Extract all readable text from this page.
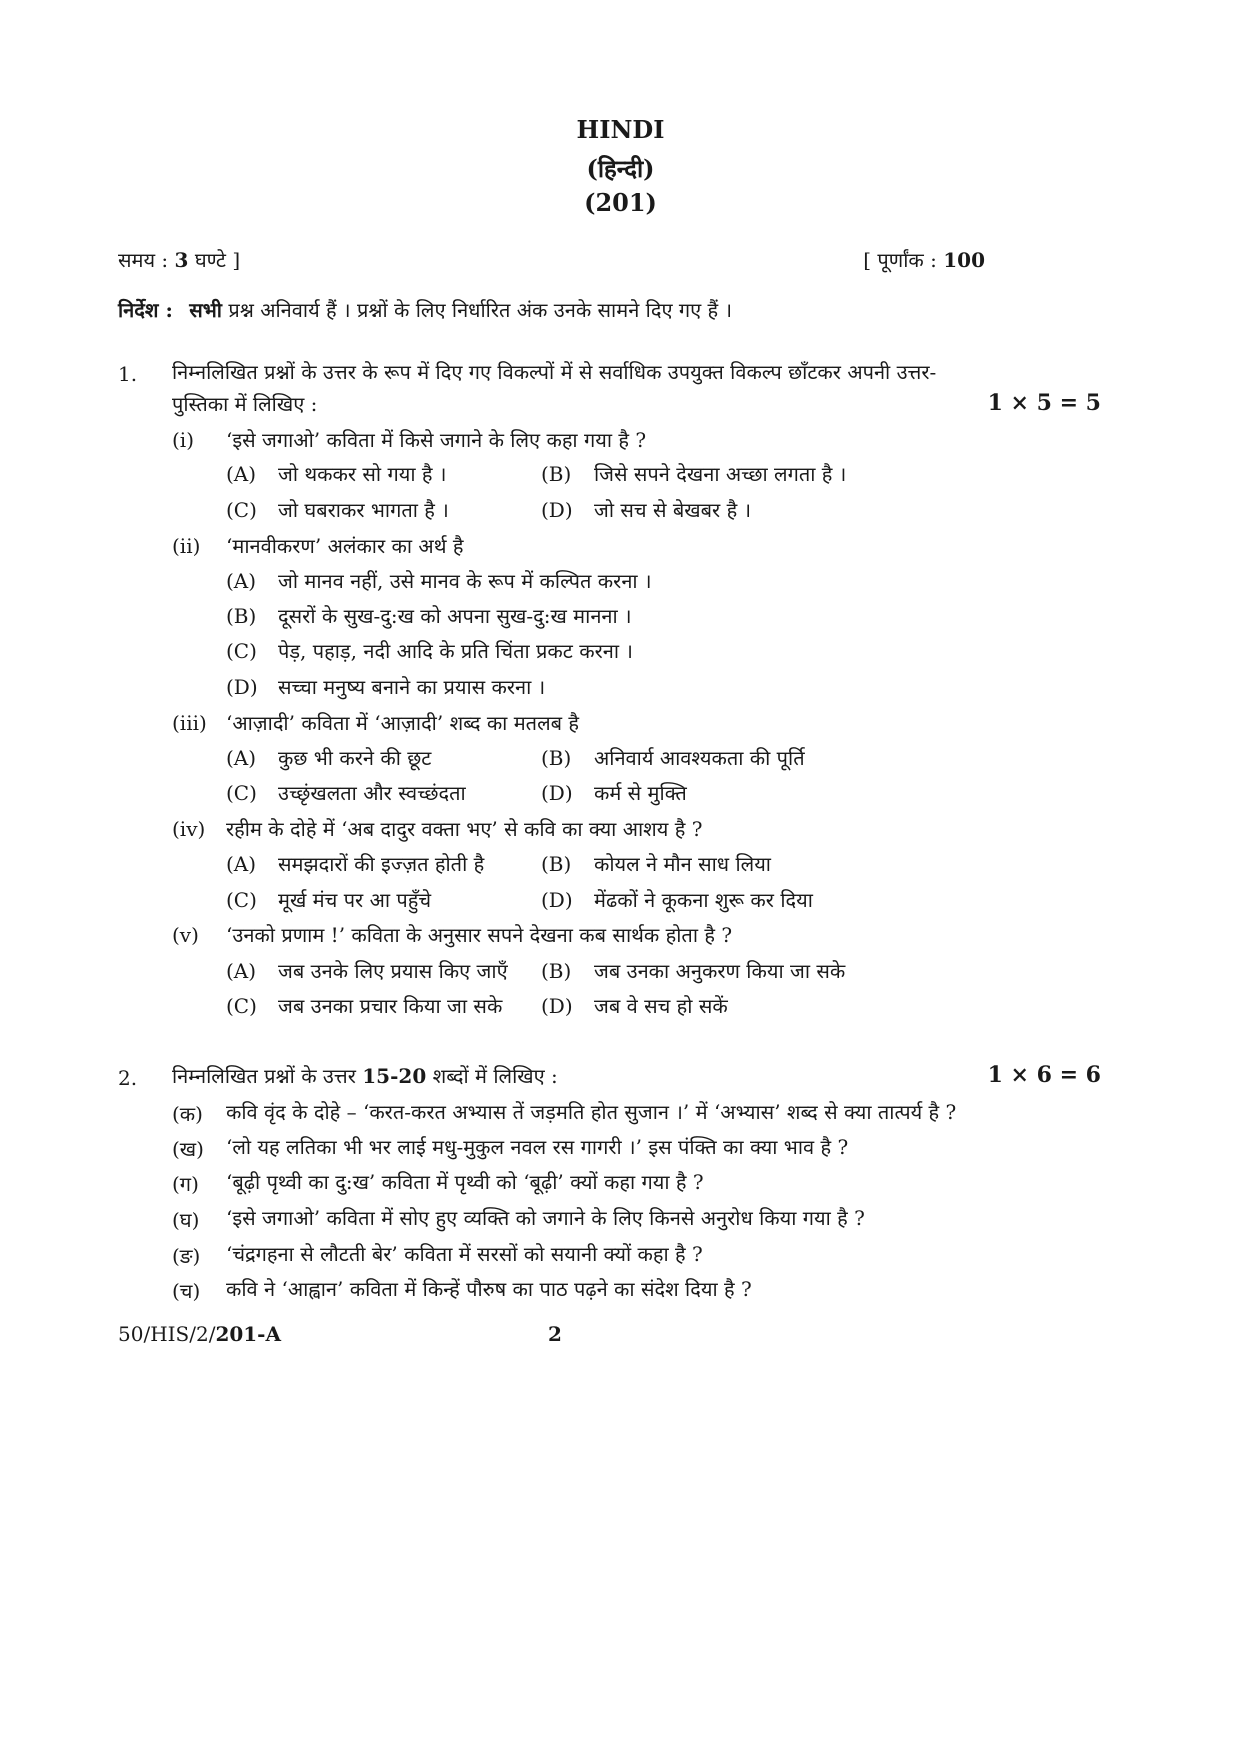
HINDI
(हिन्दी)
(201)
समय : 3 घण्टे ]	[ पूर्णांक : 100
निर्देश : सभी प्रश्न अनिवार्य हैं । प्रश्नों के लिए निर्धारित अंक उनके सामने दिए गए हैं ।
1. निम्नलिखित प्रश्नों के उत्तर के रूप में दिए गए विकल्पों में से सर्वाधिक उपयुक्त विकल्प छाँटकर अपनी उत्तर-
पुस्तिका में लिखिए :	1 × 5 = 5
(i) ‘इसे जगाओ’ कविता में किसे जगाने के लिए कहा गया है ?
(A) जो थककर सो गया है ।	(B) जिसे सपने देखना अच्छा लगता है ।
(C) जो घबराकर भागता है ।	(D) जो सच से बेखबर है ।
(ii) ‘मानवीकरण’ अलंकार का अर्थ है
(A) जो मानव नहीं, उसे मानव के रूप में कल्पित करना ।
(B) दूसरों के सुख-दु:ख को अपना सुख-दु:ख मानना ।
(C) पेड़, पहाड़, नदी आदि के प्रति चिंता प्रकट करना ।
(D) सच्चा मनुष्य बनाने का प्रयास करना ।
(iii) ‘आज़ादी’ कविता में ‘आज़ादी’ शब्द का मतलब है
(A) कुछ भी करने की छूट	(B) अनिवार्य आवश्यकता की पूर्ति
(C) उच्छृंखलता और स्वच्छंदता	(D) कर्म से मुक्ति
(iv) रहीम के दोहे में ‘अब दादुर वक्ता भए’ से कवि का क्या आशय है ?
(A) समझदारों की इज्ज़त होती है	(B) कोयल ने मौन साध लिया
(C) मूर्ख मंच पर आ पहुँचे	(D) मेंढकों ने कूकना शुरू कर दिया
(v) ‘उनको प्रणाम !’ कविता के अनुसार सपने देखना कब सार्थक होता है ?
(A) जब उनके लिए प्रयास किए जाएँ (B) जब उनका अनुकरण किया जा सके
(C) जब उनका प्रचार किया जा सके (D) जब वे सच हो सकें
2. निम्नलिखित प्रश्नों के उत्तर 15-20 शब्दों में लिखिए :	1 × 6 = 6
(क) कवि वृंद के दोहे – ‘करत-करत अभ्यास तें जड़मति होत सुजान ।’ में ‘अभ्यास’ शब्द से क्या तात्पर्य है ?
(ख) ‘लो यह लतिका भी भर लाई मधु-मुकुल नवल रस गागरी ।’ इस पंक्ति का क्या भाव है ?
(ग) ‘बूढ़ी पृथ्वी का दु:ख’ कविता में पृथ्वी को ‘बूढ़ी’ क्यों कहा गया है ?
(घ) ‘इसे जगाओ’ कविता में सोए हुए व्यक्ति को जगाने के लिए किनसे अनुरोध किया गया है ?
(ङ) ‘चंद्रगहना से लौटती बेर’ कविता में सरसों को सयानी क्यों कहा है ?
(च) कवि ने ‘आह्वान’ कविता में किन्हें पौरुष का पाठ पढ़ने का संदेश दिया है ?
50/HIS/2/201-A	2
